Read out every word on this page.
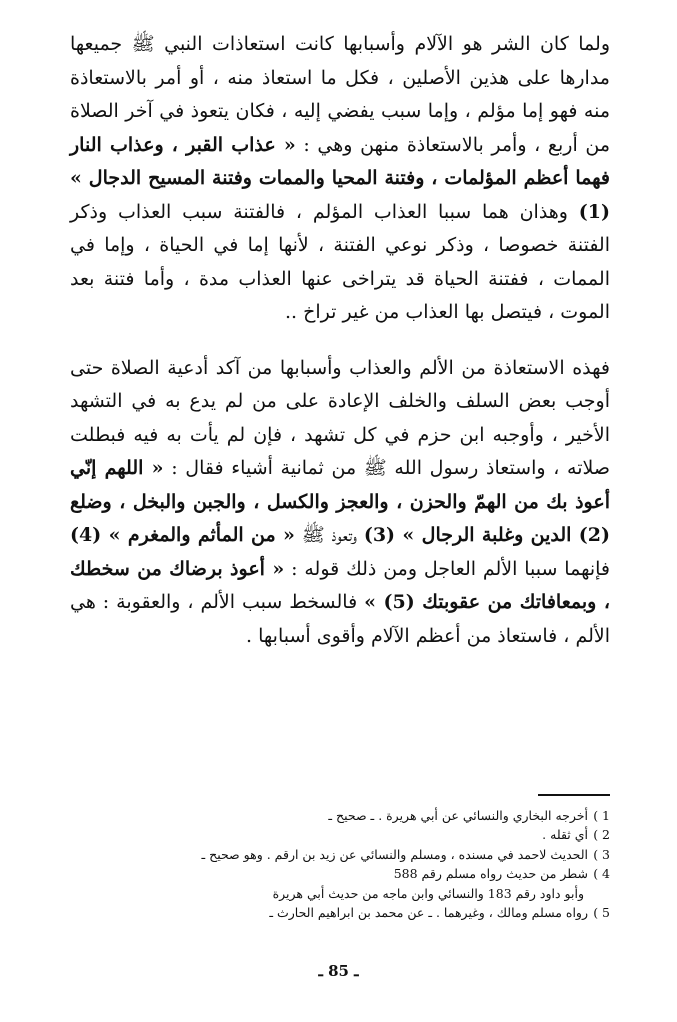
ولما كان الشر هو الآلام وأسبابها كانت استعاذات النبي ﷺ جميعها مدارها على هذين الأصلين ، فكل ما استعاذ منه ، أو أمر بالاستعاذة منه فهو إما مؤلم ، وإما سبب يفضي إليه ، فكان يتعوذ في آخر الصلاة من أربع ، وأمر بالاستعاذة منهن وهي : « عذاب القبر ، وعذاب النار فهما أعظم المؤلمات ، وفتنة المحيا والممات وفتنة المسيح الدجال » (1) وهذان هما سببا العذاب المؤلم ، فالفتنة سبب العذاب وذكر الفتنة خصوصا ، وذكر نوعي الفتنة ، لأنها إما في الحياة ، وإما في الممات ، ففتنة الحياة قد يتراخى عنها العذاب مدة ، وأما فتنة بعد الموت ، فيتصل بها العذاب من غير تراخ ..

فهذه الاستعاذة من الألم والعذاب وأسبابها من آكد أدعية الصلاة حتى أوجب بعض السلف والخلف الإعادة على من لم يدع به في التشهد الأخير ، وأوجبه ابن حزم في كل تشهد ، فإن لم يأت به فيه فبطلت صلاته ، واستعاذ رسول الله ﷺ من ثمانية أشياء فقال : « اللهم إنّي أعوذ بك من الهمّ والحزن ، والعجز والكسل ، والجبن والبخل ، وضلع (2) الدين وغلبة الرجال » (3) وتعوذ ﷺ « من المأثم والمغرم » (4) فإنهما سببا الألم العاجل ومن ذلك قوله : « أعوذ برضاك من سخطك ، وبمعافاتك من عقوبتك (5) » فالسخط سبب الألم ، والعقوبة : هي الألم ، فاستعاذ من أعظم الآلام وأقوى أسبابها .

1 )أخرجه البخاري والنسائي عن أبي هريرة . ـ صحيح ـ
2 )أي ثقله .
3 )الحديث لاحمد في مسنده ، ومسلم والنسائي عن زيد بن ارقم . وهو صحيح ـ
4 )شطر من حديث رواه مسلم رقم 588
وأبو داود رقم 183 والنسائي وابن ماجه من حديث أبي هريرة
5 )رواه مسلم ومالك ، وغيرهما . ـ عن محمد بن ابراهيم الحارث ـ
ـ 85 ـ
